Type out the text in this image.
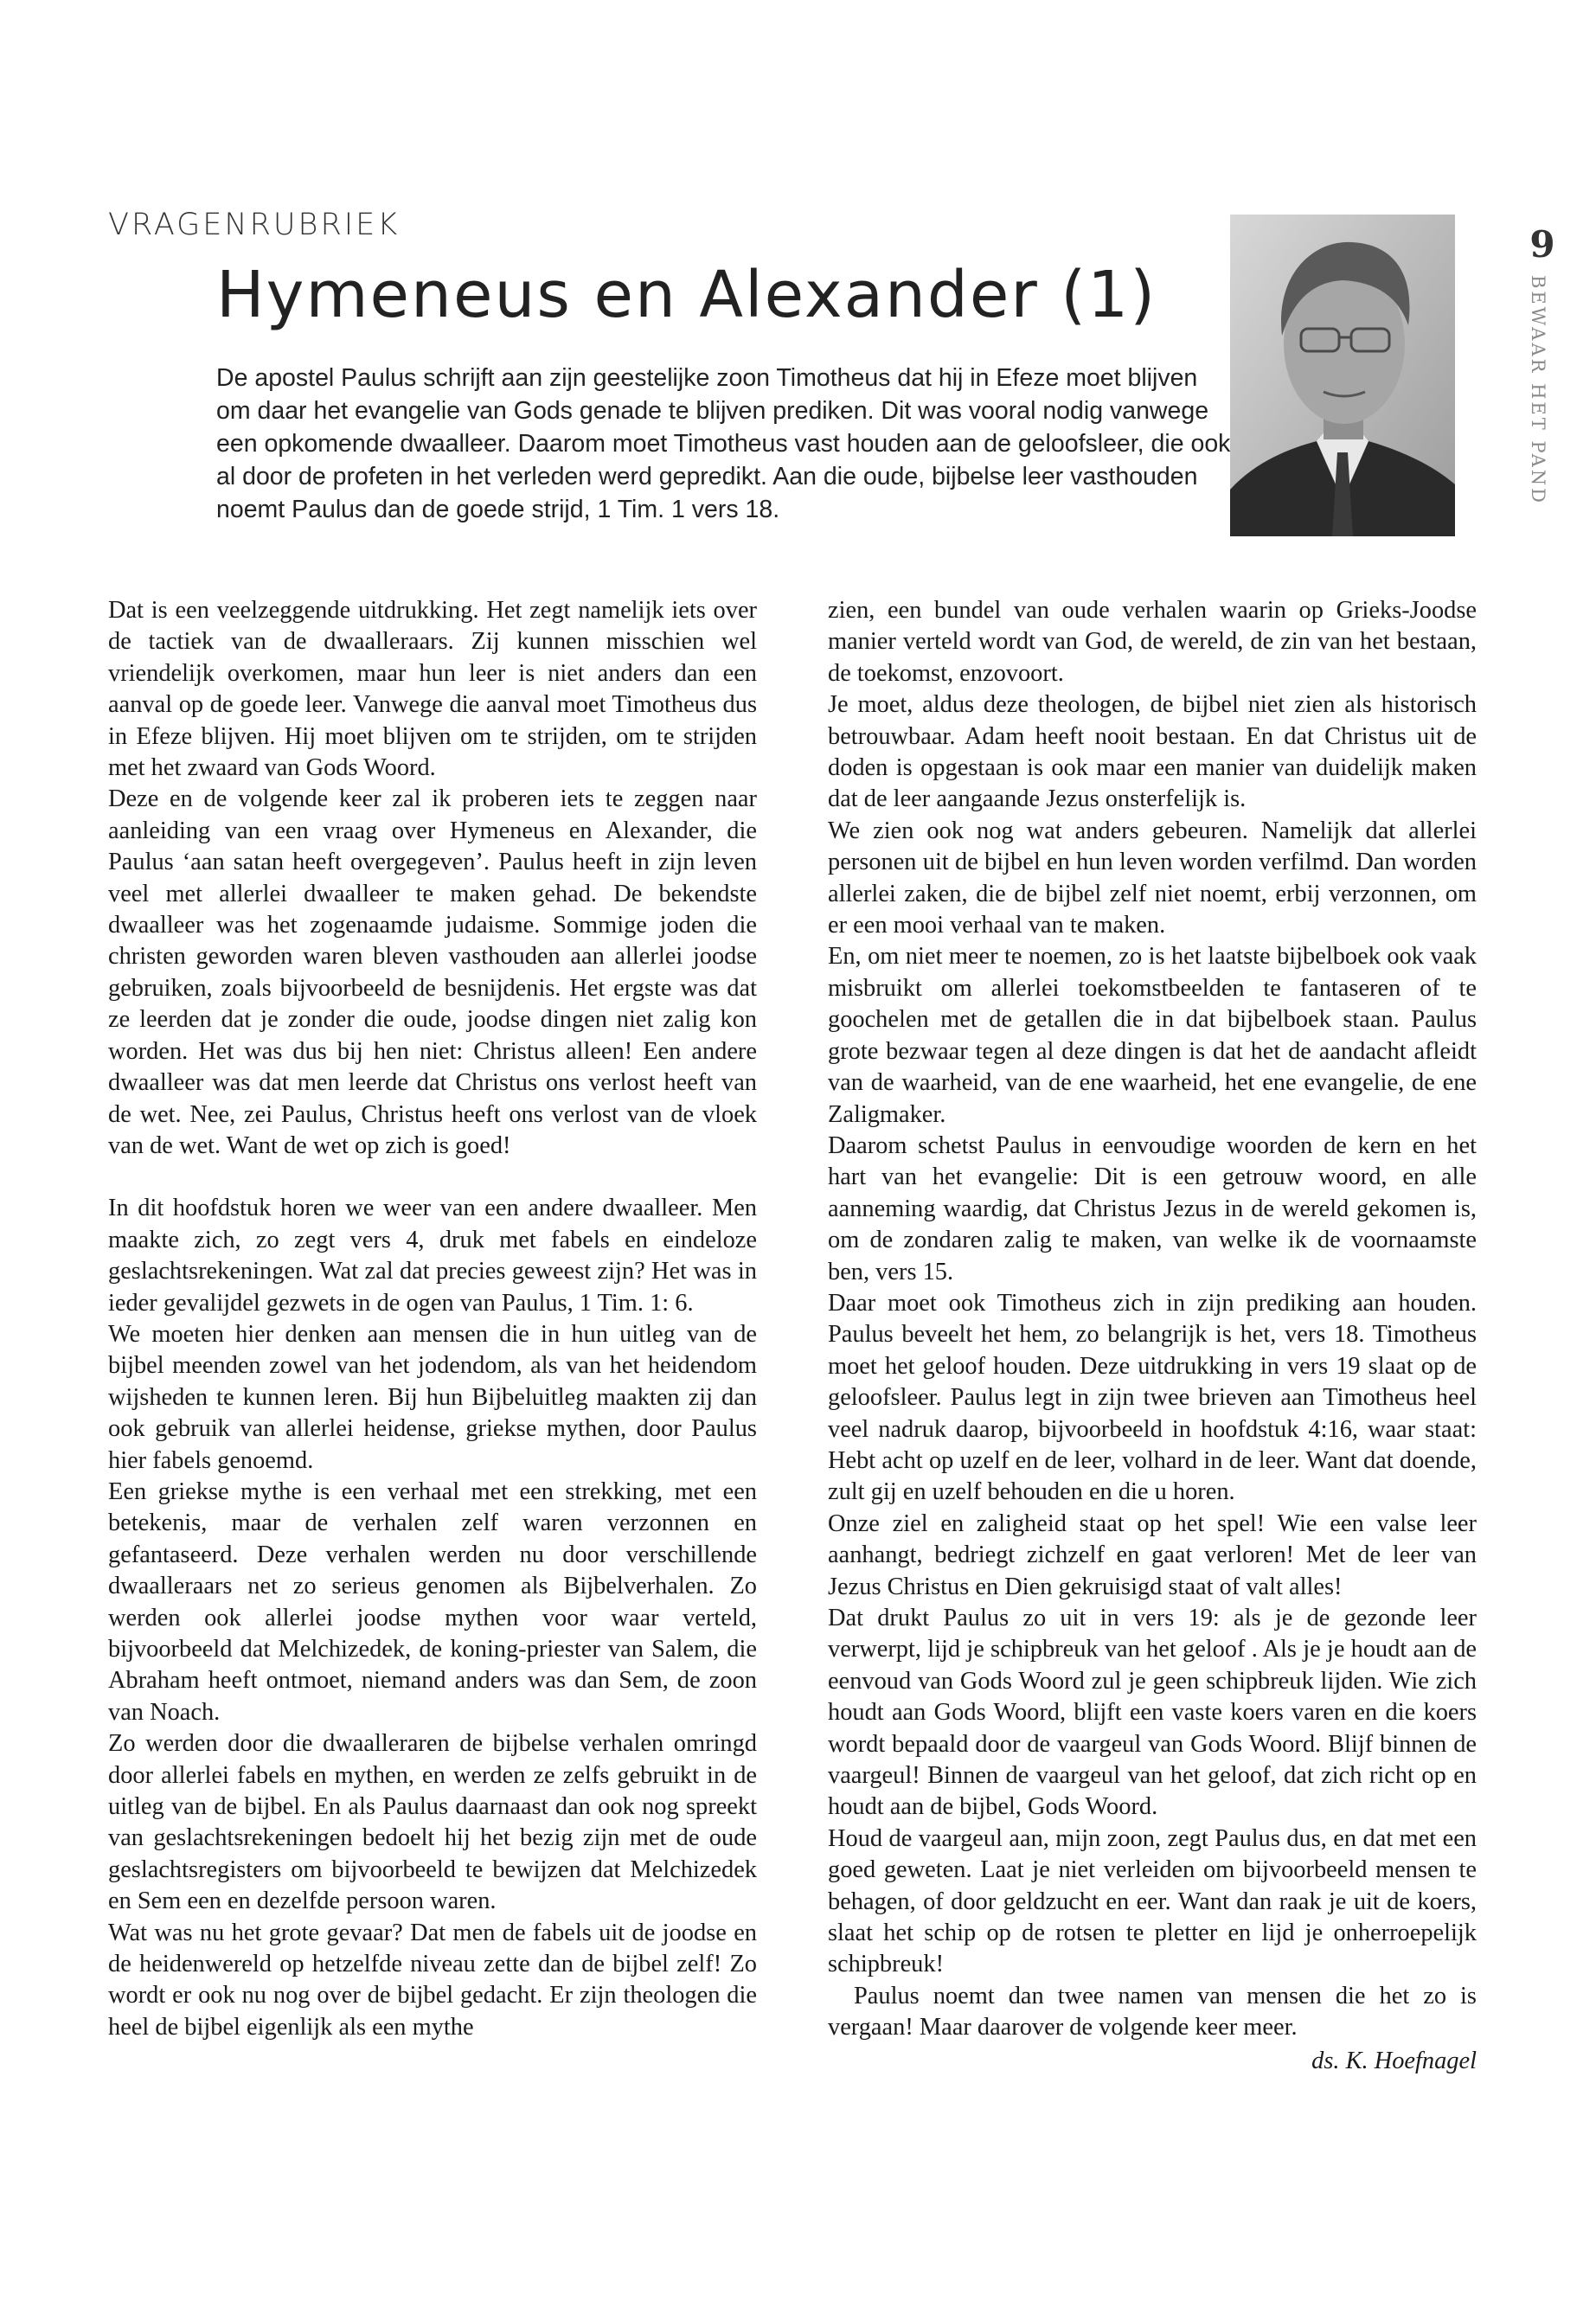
VRAGENRUBRIEK
Hymeneus en Alexander (1)

De apostel Paulus schrijft aan zijn geestelijke zoon Timotheus dat hij in Efeze moet blijven om daar het evangelie van Gods genade te blijven prediken. Dit was vooral nodig vanwege een opkomende dwaalleer. Daarom moet Timotheus vast houden aan de geloofsleer, die ook al door de profeten in het verleden werd gepredikt. Aan die oude, bijbelse leer vasthouden noemt Paulus dan de goede strijd, 1 Tim. 1 vers 18.

9
BEWAAR HET PAND

Dat is een veelzeggende uitdrukking. Het zegt namelijk iets over de tactiek van de dwaalleraars. Zij kunnen misschien wel vriendelijk overkomen, maar hun leer is niet anders dan een aanval op de goede leer. Vanwege die aanval moet Timotheus dus in Efeze blijven. Hij moet blijven om te strijden, om te strijden met het zwaard van Gods Woord.

Deze en de volgende keer zal ik proberen iets te zeggen naar aanleiding van een vraag over Hymeneus en Alexander, die Paulus ‘aan satan heeft overgegeven’. Paulus heeft in zijn leven veel met allerlei dwaalleer te maken gehad. De bekendste dwaalleer was het zogenaamde judaisme. Sommige joden die christen geworden waren bleven vasthouden aan allerlei joodse gebruiken, zoals bijvoorbeeld de besnijdenis. Het ergste was dat ze leerden dat je zonder die oude, joodse dingen niet zalig kon worden. Het was dus bij hen niet: Christus alleen! Een andere dwaalleer was dat men leerde dat Christus ons verlost heeft van de wet. Nee, zei Paulus, Christus heeft ons verlost van de vloek van de wet. Want de wet op zich is goed!

In dit hoofdstuk horen we weer van een andere dwaalleer. Men maakte zich, zo zegt vers 4, druk met fabels en eindeloze geslachtsrekeningen. Wat zal dat precies geweest zijn? Het was in ieder gevalijdel gezwets in de ogen van Paulus, 1 Tim. 1: 6.

We moeten hier denken aan mensen die in hun uitleg van de bijbel meenden zowel van het jodendom, als van het heidendom wijsheden te kunnen leren. Bij hun Bijbeluitleg maakten zij dan ook gebruik van allerlei heidense, griekse mythen, door Paulus hier fabels genoemd.

Een griekse mythe is een verhaal met een strekking, met een betekenis, maar de verhalen zelf waren verzonnen en gefantaseerd. Deze verhalen werden nu door verschillende dwaalleraars net zo serieus genomen als Bijbelverhalen. Zo werden ook allerlei joodse mythen voor waar verteld, bijvoorbeeld dat Melchizedek, de koning-priester van Salem, die Abraham heeft ontmoet, niemand anders was dan Sem, de zoon van Noach.

Zo werden door die dwaalleraren de bijbelse verhalen omringd door allerlei fabels en mythen, en werden ze zelfs gebruikt in de uitleg van de bijbel. En als Paulus daarnaast dan ook nog spreekt van geslachtsrekeningen bedoelt hij het bezig zijn met de oude geslachtsregisters om bijvoorbeeld te bewijzen dat Melchizedek en Sem een en dezelfde persoon waren.

Wat was nu het grote gevaar? Dat men de fabels uit de joodse en de heidenwereld op hetzelfde niveau zette dan de bijbel zelf! Zo wordt er ook nu nog over de bijbel gedacht. Er zijn theologen die heel de bijbel eigenlijk als een mythe

zien, een bundel van oude verhalen waarin op Grieks-Joodse manier verteld wordt van God, de wereld, de zin van het bestaan, de toekomst, enzovoort.

Je moet, aldus deze theologen, de bijbel niet zien als historisch betrouwbaar. Adam heeft nooit bestaan. En dat Christus uit de doden is opgestaan is ook maar een manier van duidelijk maken dat de leer aangaande Jezus onsterfelijk is.

We zien ook nog wat anders gebeuren. Namelijk dat allerlei personen uit de bijbel en hun leven worden verfilmd. Dan worden allerlei zaken, die de bijbel zelf niet noemt, erbij verzonnen, om er een mooi verhaal van te maken.

En, om niet meer te noemen, zo is het laatste bijbelboek ook vaak misbruikt om allerlei toekomstbeelden te fantaseren of te goochelen met de getallen die in dat bijbelboek staan. Paulus grote bezwaar tegen al deze dingen is dat het de aandacht afleidt van de waarheid, van de ene waarheid, het ene evangelie, de ene Zaligmaker.

Daarom schetst Paulus in eenvoudige woorden de kern en het hart van het evangelie: Dit is een getrouw woord, en alle aanneming waardig, dat Christus Jezus in de wereld gekomen is, om de zondaren zalig te maken, van welke ik de voornaamste ben, vers 15.

Daar moet ook Timotheus zich in zijn prediking aan houden. Paulus beveelt het hem, zo belangrijk is het, vers 18. Timotheus moet het geloof houden. Deze uitdrukking in vers 19 slaat op de geloofsleer. Paulus legt in zijn twee brieven aan Timotheus heel veel nadruk daarop, bijvoorbeeld in hoofdstuk 4:16, waar staat: Hebt acht op uzelf en de leer, volhard in de leer. Want dat doende, zult gij en uzelf behouden en die u horen.

Onze ziel en zaligheid staat op het spel! Wie een valse leer aanhangt, bedriegt zichzelf en gaat verloren! Met de leer van Jezus Christus en Dien gekruisigd staat of valt alles!

Dat drukt Paulus zo uit in vers 19: als je de gezonde leer verwerpt, lijd je schipbreuk van het geloof . Als je je houdt aan de eenvoud van Gods Woord zul je geen schipbreuk lijden. Wie zich houdt aan Gods Woord, blijft een vaste koers varen en die koers wordt bepaald door de vaargeul van Gods Woord. Blijf binnen de vaargeul! Binnen de vaargeul van het geloof, dat zich richt op en houdt aan de bijbel, Gods Woord.

Houd de vaargeul aan, mijn zoon, zegt Paulus dus, en dat met een goed geweten. Laat je niet verleiden om bijvoorbeeld mensen te behagen, of door geldzucht en eer. Want dan raak je uit de koers, slaat het schip op de rotsen te pletter en lijd je onherroepelijk schipbreuk!

Paulus noemt dan twee namen van mensen die het zo is vergaan! Maar daarover de volgende keer meer.

ds. K. Hoefnagel
